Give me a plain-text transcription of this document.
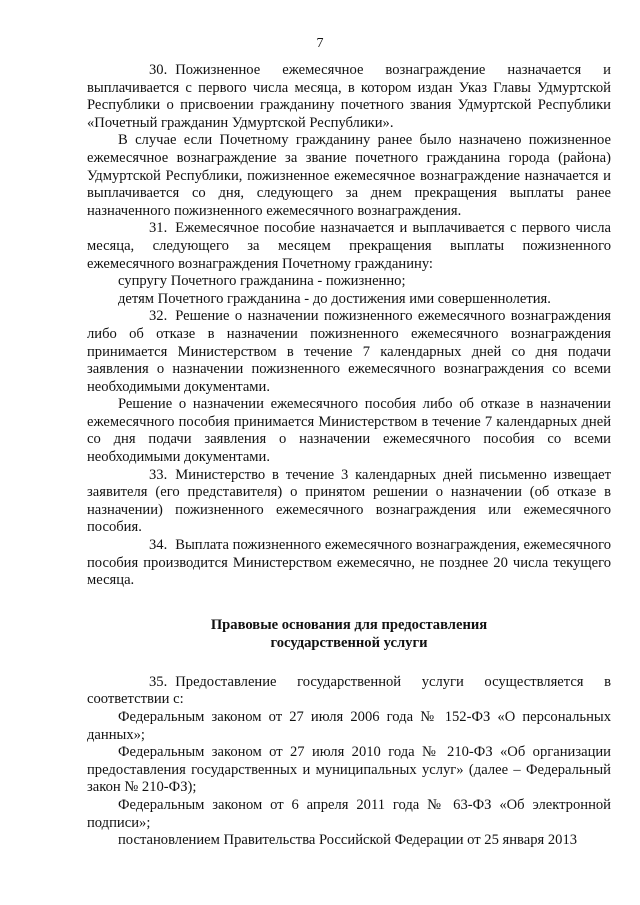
7

30. Пожизненное ежемесячное вознаграждение назначается и выплачивается с первого числа месяца, в котором издан Указ Главы Удмуртской Республики о присвоении гражданину почетного звания Удмуртской Республики «Почетный гражданин Удмуртской Республики».

В случае если Почетному гражданину ранее было назначено пожизненное ежемесячное вознаграждение за звание почетного гражданина города (района) Удмуртской Республики, пожизненное ежемесячное вознаграждение назначается и выплачивается со дня, следующего за днем прекращения выплаты ранее назначенного пожизненного ежемесячного вознаграждения.

31. Ежемесячное пособие назначается и выплачивается с первого числа месяца, следующего за месяцем прекращения выплаты пожизненного ежемесячного вознаграждения Почетному гражданину:

супругу Почетного гражданина - пожизненно;

детям Почетного гражданина - до достижения ими совершеннолетия.

32. Решение о назначении пожизненного ежемесячного вознаграждения либо об отказе в назначении пожизненного ежемесячного вознаграждения принимается Министерством в течение 7 календарных дней со дня подачи заявления о назначении пожизненного ежемесячного вознаграждения со всеми необходимыми документами.

Решение о назначении ежемесячного пособия либо об отказе в назначении ежемесячного пособия принимается Министерством в течение 7 календарных дней со дня подачи заявления о назначении ежемесячного пособия со всеми необходимыми документами.

33. Министерство в течение 3 календарных дней письменно извещает заявителя (его представителя) о принятом решении о назначении (об отказе в назначении) пожизненного ежемесячного вознаграждения или ежемесячного пособия.

34. Выплата пожизненного ежемесячного вознаграждения, ежемесячного пособия производится Министерством ежемесячно, не позднее 20 числа текущего месяца.

Правовые основания для предоставления
государственной услуги

35. Предоставление государственной услуги осуществляется в соответствии с:

Федеральным законом от 27 июля 2006 года № 152-ФЗ «О персональных данных»;

Федеральным законом от 27 июля 2010 года № 210-ФЗ «Об организации предоставления государственных и муниципальных услуг» (далее – Федеральный закон № 210-ФЗ);

Федеральным законом от 6 апреля 2011 года № 63-ФЗ «Об электронной подписи»;

постановлением Правительства Российской Федерации от 25 января 2013
